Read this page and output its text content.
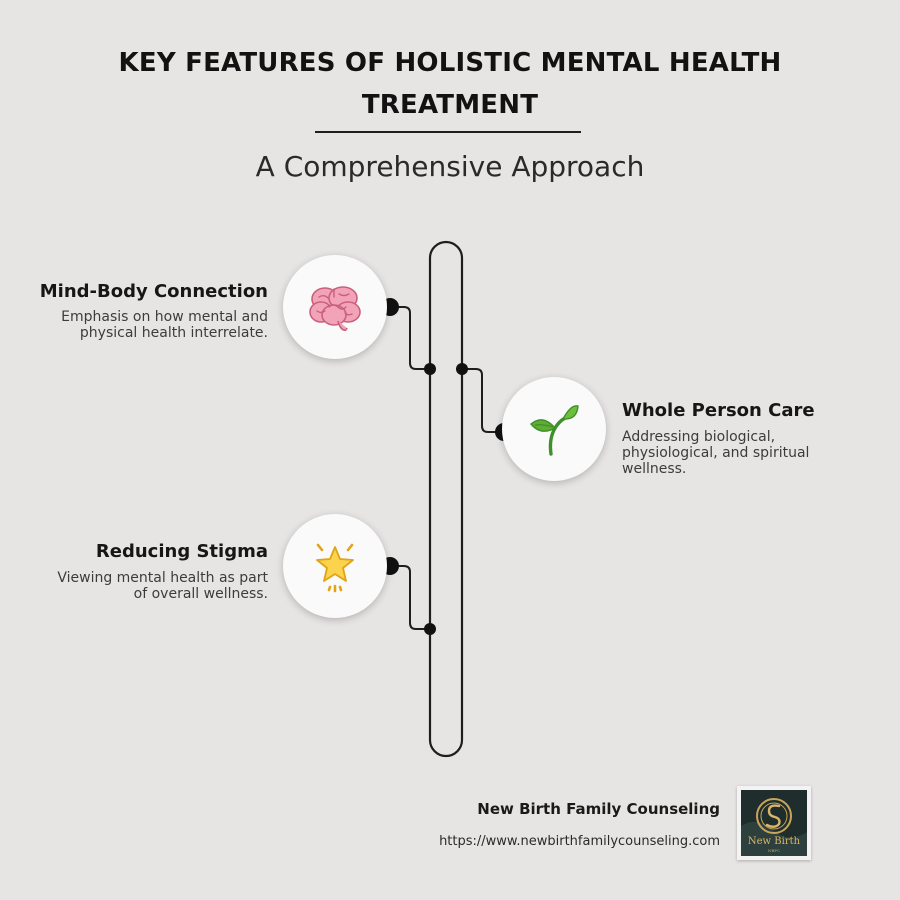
KEY FEATURES OF HOLISTIC MENTAL HEALTH TREATMENT

A Comprehensive Approach

Mind-Body Connection
Emphasis on how mental and physical health interrelate.
Whole Person Care
Addressing biological, physiological, and spiritual wellness.
Reducing Stigma
Viewing mental health as part of overall wellness.
New Birth Family Counseling
https://www.newbirthfamilycounseling.com	New Birth
NBFC
